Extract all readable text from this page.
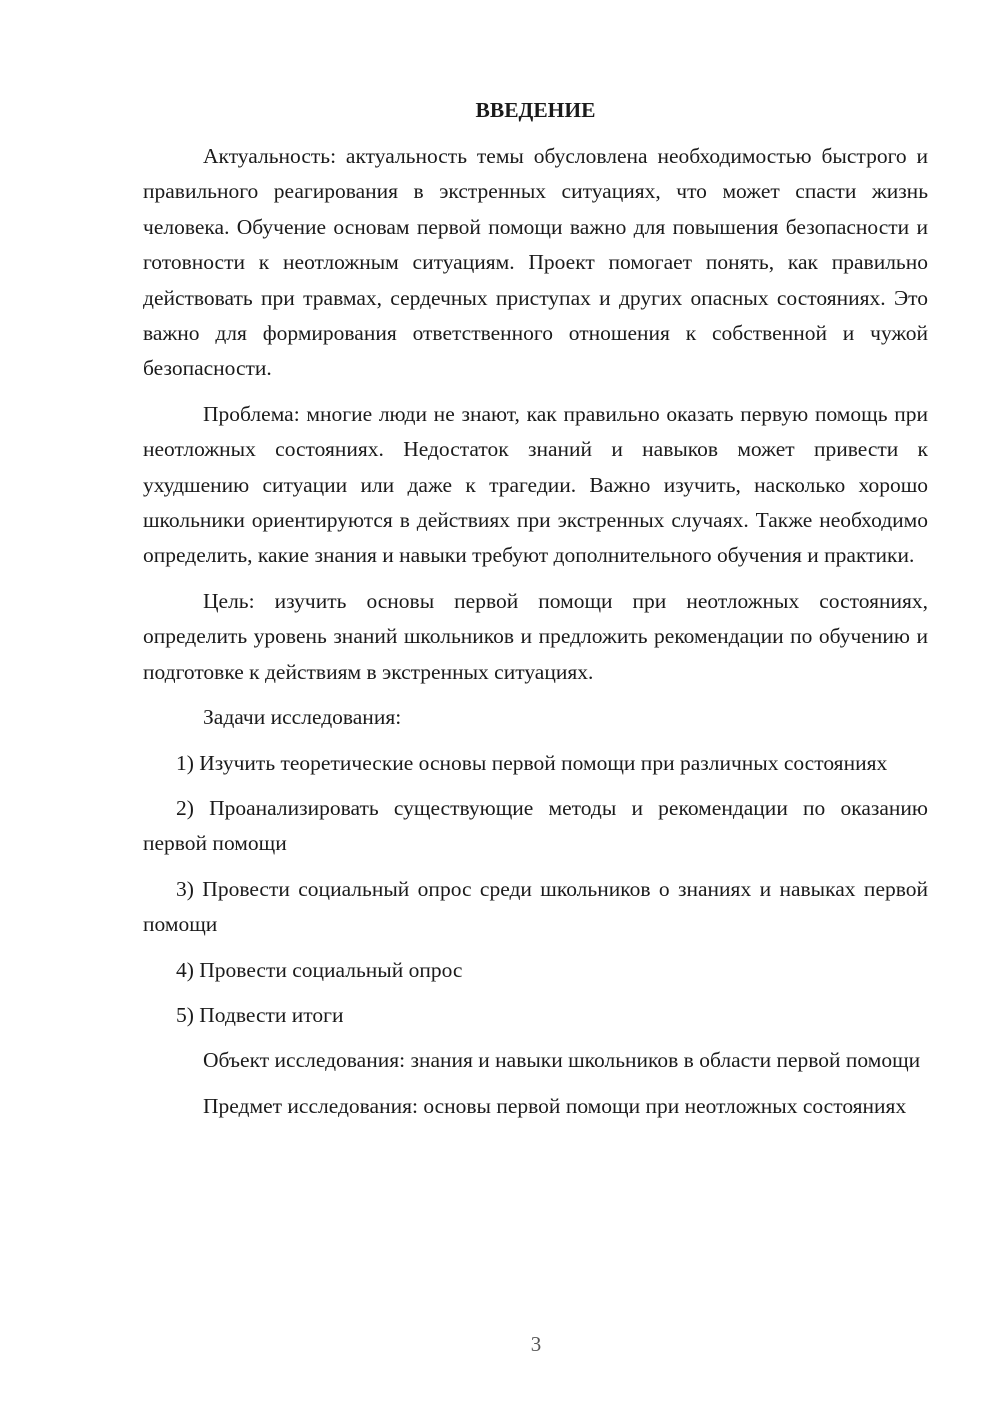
ВВЕДЕНИЕ

Актуальность: актуальность темы обусловлена необходимостью быстрого и правильного реагирования в экстренных ситуациях, что может спасти жизнь человека. Обучение основам первой помощи важно для повышения безопасности и готовности к неотложным ситуациям. Проект помогает понять, как правильно действовать при травмах, сердечных приступах и других опасных состояниях. Это важно для формирования ответственного отношения к собственной и чужой безопасности.

Проблема: многие люди не знают, как правильно оказать первую помощь при неотложных состояниях. Недостаток знаний и навыков может привести к ухудшению ситуации или даже к трагедии. Важно изучить, насколько хорошо школьники ориентируются в действиях при экстренных случаях. Также необходимо определить, какие знания и навыки требуют дополнительного обучения и практики.

Цель: изучить основы первой помощи при неотложных состояниях, определить уровень знаний школьников и предложить рекомендации по обучению и подготовке к действиям в экстренных ситуациях.

Задачи исследования:

1) Изучить теоретические основы первой помощи при различных состояниях

2) Проанализировать существующие методы и рекомендации по оказанию первой помощи

3) Провести социальный опрос среди школьников о знаниях и навыках первой помощи

4) Провести социальный опрос

5) Подвести итоги

Объект исследования: знания и навыки школьников в области первой помощи

Предмет исследования: основы первой помощи при неотложных состояниях

3
